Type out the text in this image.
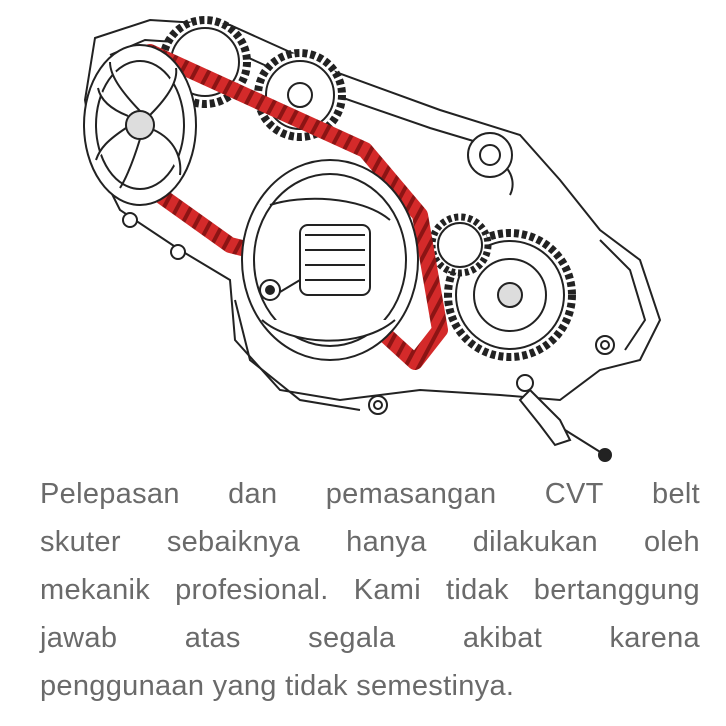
Pelepasan dan pemasangan CVT belt
skuter sebaiknya hanya dilakukan oleh
mekanik profesional. Kami tidak bertanggung
jawab atas segala akibat karena
penggunaan yang tidak semestinya.
